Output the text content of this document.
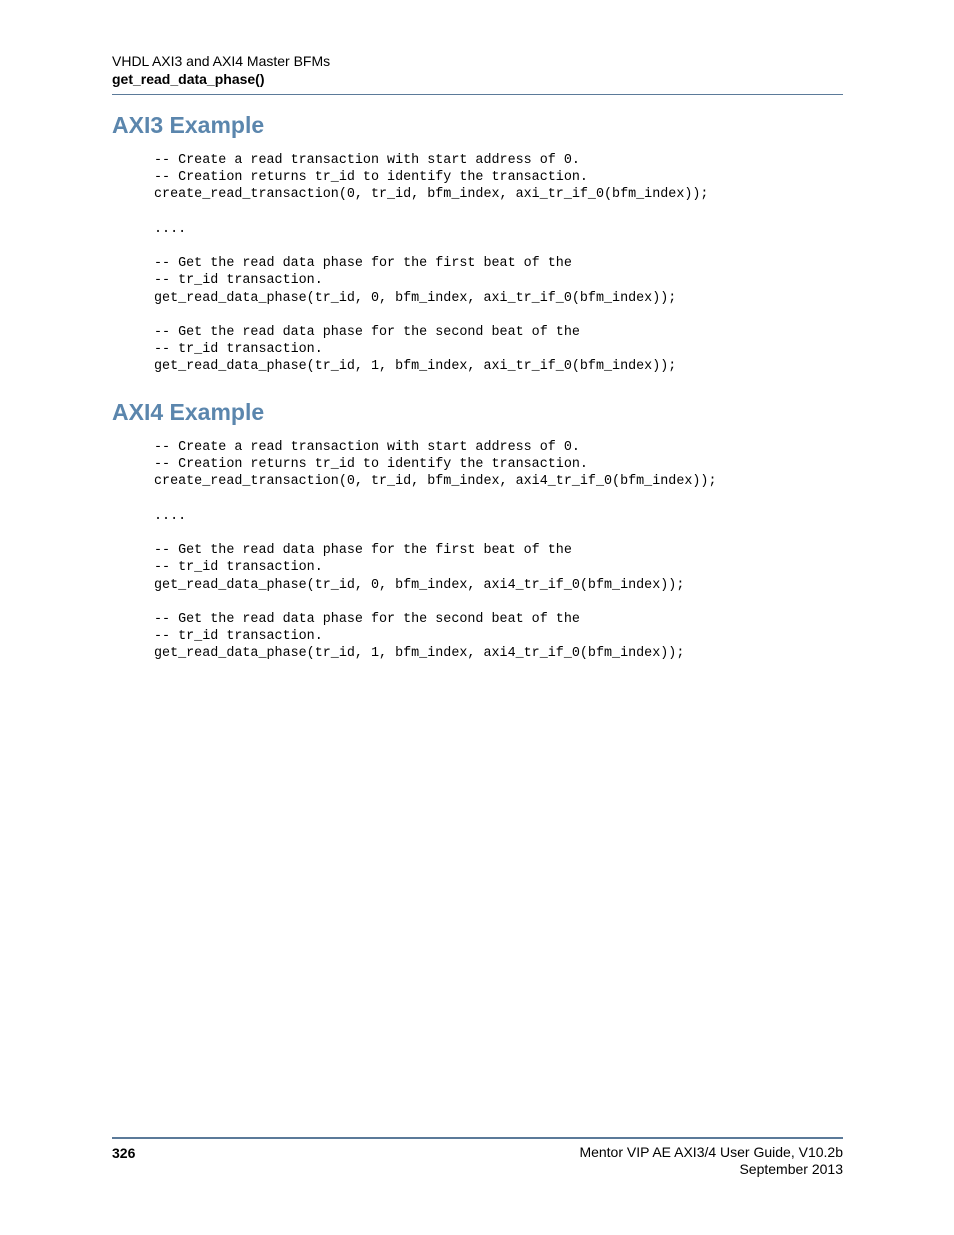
VHDL AXI3 and AXI4 Master BFMs
get_read_data_phase()
AXI3 Example
-- Create a read transaction with start address of 0.
-- Creation returns tr_id to identify the transaction.
create_read_transaction(0, tr_id, bfm_index, axi_tr_if_0(bfm_index));

....

-- Get the read data phase for the first beat of the
-- tr_id transaction.
get_read_data_phase(tr_id, 0, bfm_index, axi_tr_if_0(bfm_index));

-- Get the read data phase for the second beat of the
-- tr_id transaction.
get_read_data_phase(tr_id, 1, bfm_index, axi_tr_if_0(bfm_index));
AXI4 Example
-- Create a read transaction with start address of 0.
-- Creation returns tr_id to identify the transaction.
create_read_transaction(0, tr_id, bfm_index, axi4_tr_if_0(bfm_index));

....

-- Get the read data phase for the first beat of the
-- tr_id transaction.
get_read_data_phase(tr_id, 0, bfm_index, axi4_tr_if_0(bfm_index));

-- Get the read data phase for the second beat of the
-- tr_id transaction.
get_read_data_phase(tr_id, 1, bfm_index, axi4_tr_if_0(bfm_index));
326	Mentor VIP AE AXI3/4 User Guide, V10.2b
September 2013
